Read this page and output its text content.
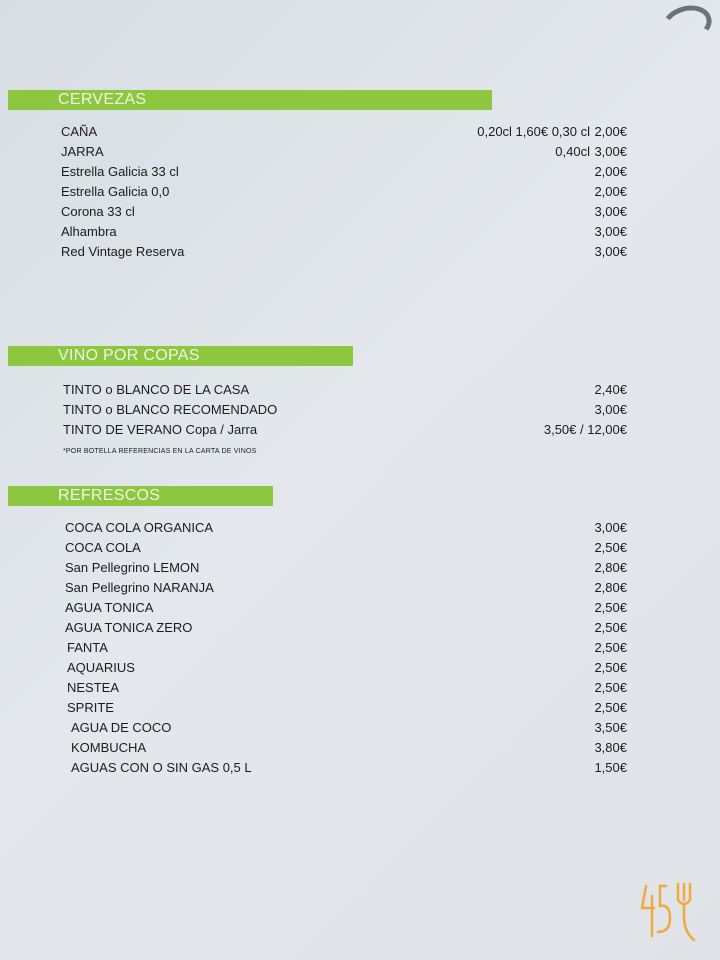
CERVEZAS
CAÑA	0,20cl 1,60€ 0,30 cl 2,00€
JARRA	0,40cl 3,00€
Estrella Galicia 33 cl	2,00€
Estrella Galicia 0,0	2,00€
Corona 33 cl	3,00€
Alhambra	3,00€
Red Vintage Reserva	3,00€
VINO POR COPAS
TINTO o BLANCO DE LA CASA	2,40€
TINTO o BLANCO RECOMENDADO	3,00€
TINTO DE VERANO Copa / Jarra	3,50€ / 12,00€
*POR BOTELLA REFERENCIAS EN LA CARTA DE VINOS
REFRESCOS
COCA COLA ORGANICA	3,00€
COCA COLA	2,50€
San Pellegrino LEMON	2,80€
San Pellegrino NARANJA	2,80€
AGUA TONICA	2,50€
AGUA TONICA ZERO	2,50€
FANTA	2,50€
AQUARIUS	2,50€
NESTEA	2,50€
SPRITE	2,50€
AGUA DE COCO	3,50€
KOMBUCHA	3,80€
AGUAS CON O SIN GAS 0,5 L	1,50€
